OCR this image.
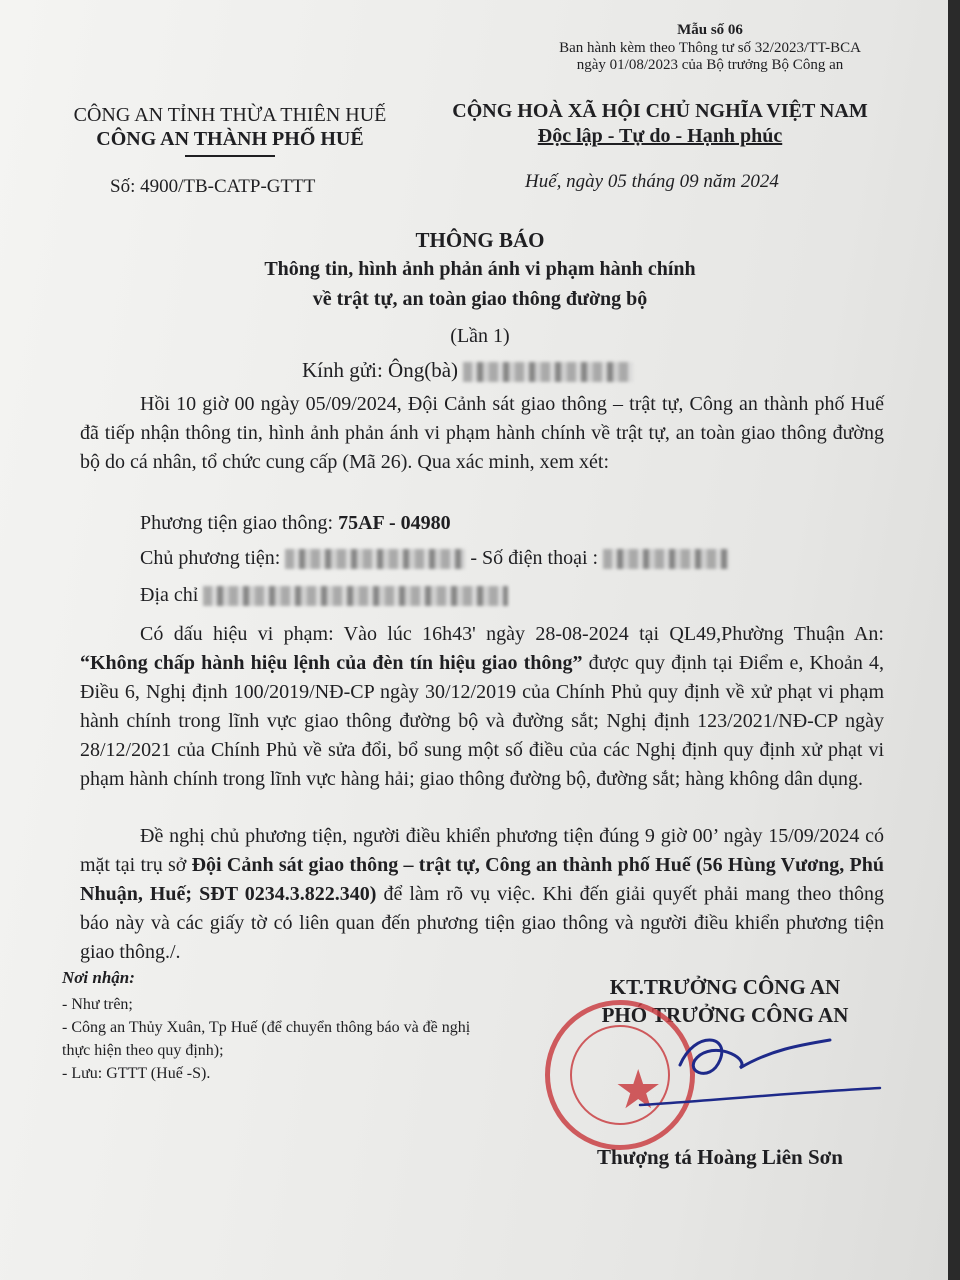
Mẫu số 06
Ban hành kèm theo Thông tư số 32/2023/TT-BCA
ngày 01/08/2023 của Bộ trưởng Bộ Công an
CÔNG AN TỈNH THỪA THIÊN HUẾ
CÔNG AN THÀNH PHỐ HUẾ
Số: 4900/TB-CATP-GTTT
CỘNG HOÀ XÃ HỘI CHỦ NGHĨA VIỆT NAM
Độc lập - Tự do - Hạnh phúc
Huế, ngày 05 tháng 09 năm 2024
THÔNG BÁO
Thông tin, hình ảnh phản ánh vi phạm hành chính
về trật tự, an toàn giao thông đường bộ
(Lần 1)
Kính gửi: Ông(bà)
Hồi 10 giờ 00 ngày 05/09/2024, Đội Cảnh sát giao thông – trật tự, Công an thành phố Huế đã tiếp nhận thông tin, hình ảnh phản ánh vi phạm hành chính về trật tự, an toàn giao thông đường bộ do cá nhân, tổ chức cung cấp (Mã 26). Qua xác minh, xem xét:
Phương tiện giao thông: 75AF - 04980
Chủ phương tiện:	- Số điện thoại :
Địa chỉ
Có dấu hiệu vi phạm: Vào lúc 16h43' ngày 28-08-2024 tại QL49,Phường Thuận An: “Không chấp hành hiệu lệnh của đèn tín hiệu giao thông” được quy định tại Điểm e, Khoản 4, Điều 6, Nghị định 100/2019/NĐ-CP ngày 30/12/2019 của Chính Phủ quy định về xử phạt vi phạm hành chính trong lĩnh vực giao thông đường bộ và đường sắt; Nghị định 123/2021/NĐ-CP ngày 28/12/2021 của Chính Phủ về sửa đổi, bổ sung một số điều của các Nghị định quy định xử phạt vi phạm hành chính trong lĩnh vực hàng hải; giao thông đường bộ, đường sắt; hàng không dân dụng.
Đề nghị chủ phương tiện, người điều khiển phương tiện đúng 9 giờ 00’ ngày 15/09/2024 có mặt tại trụ sở Đội Cảnh sát giao thông – trật tự, Công an thành phố Huế (56 Hùng Vương, Phú Nhuận, Huế; SĐT 0234.3.822.340) để làm rõ vụ việc. Khi đến giải quyết phải mang theo thông báo này và các giấy tờ có liên quan đến phương tiện giao thông và người điều khiển phương tiện giao thông./.
Nơi nhận:
- Như trên;
- Công an Thủy Xuân, Tp Huế (để chuyển thông báo và đề nghị thực hiện theo quy định);
- Lưu: GTTT (Huế -S).
KT.TRƯỞNG CÔNG AN
PHÓ TRƯỞNG CÔNG AN
★
Thượng tá Hoàng Liên Sơn
